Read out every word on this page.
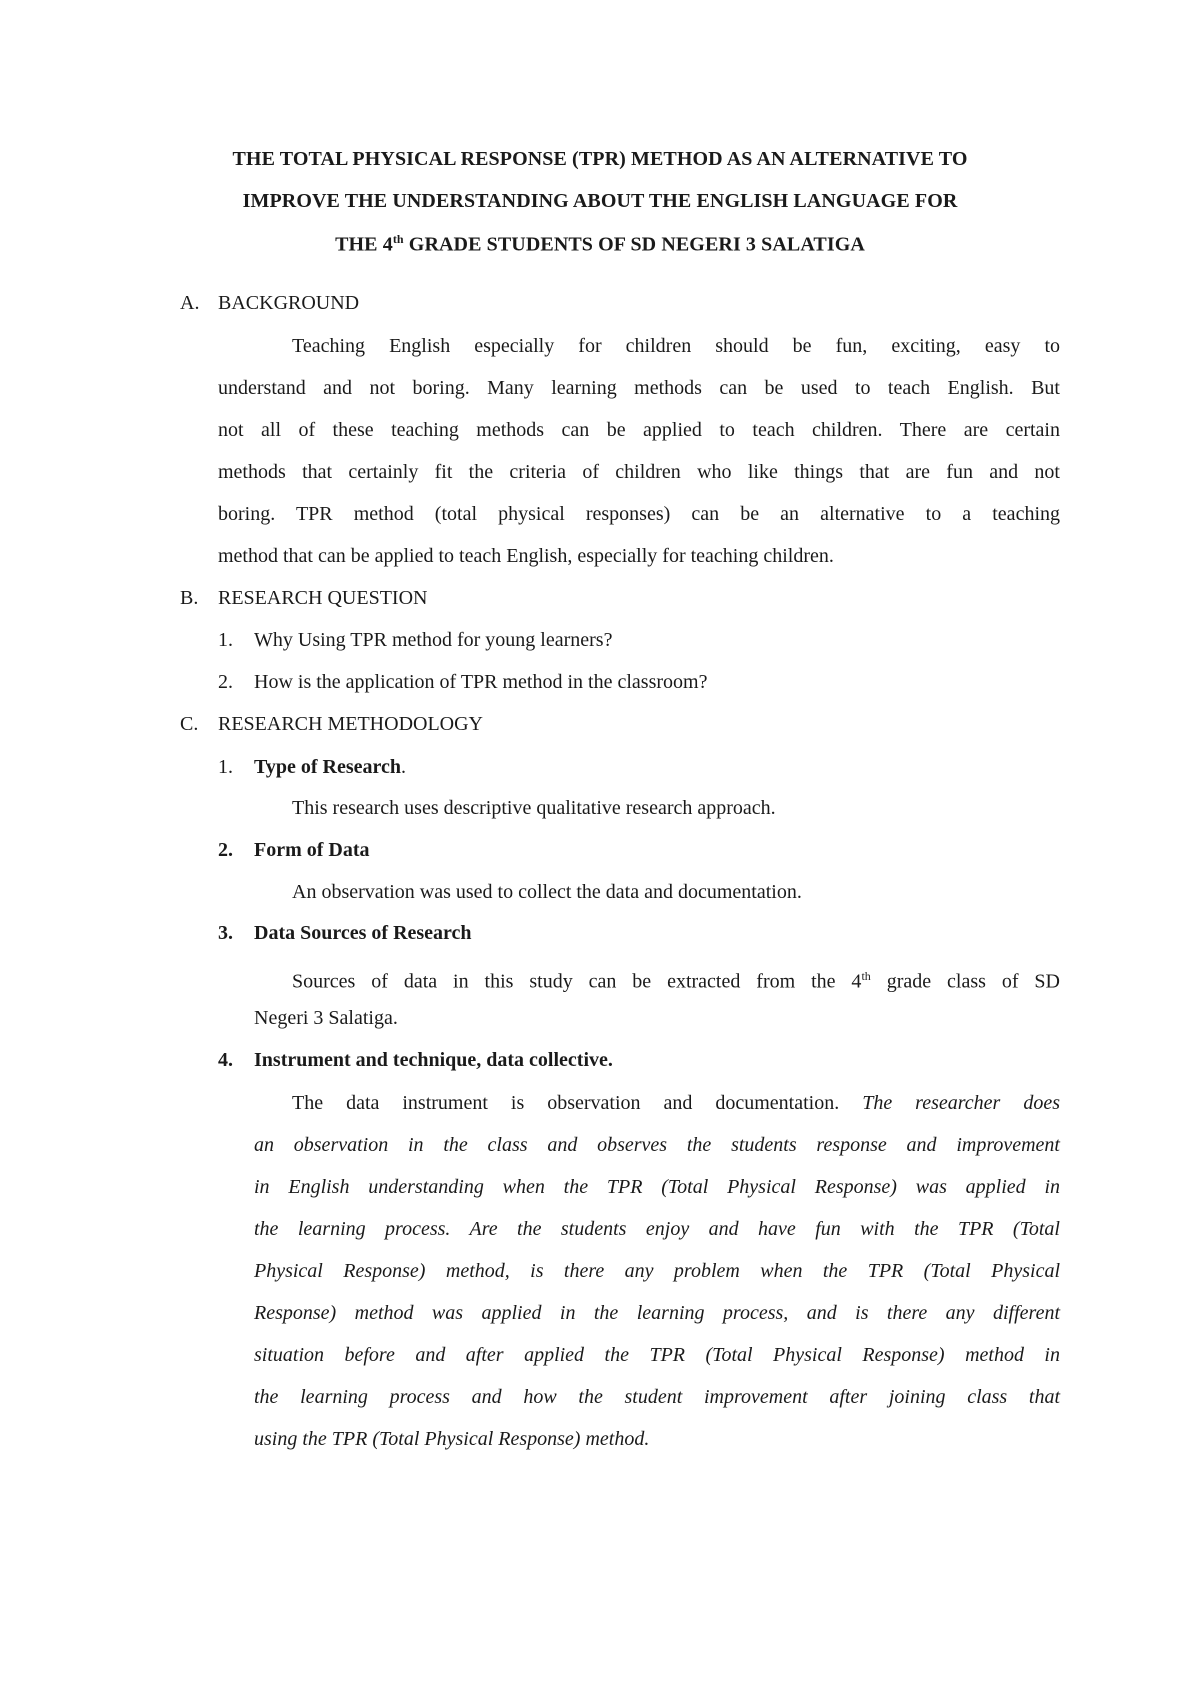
THE TOTAL PHYSICAL RESPONSE (TPR) METHOD AS AN ALTERNATIVE TO
IMPROVE THE UNDERSTANDING ABOUT THE ENGLISH LANGUAGE FOR
THE 4th GRADE STUDENTS OF SD NEGERI 3 SALATIGA
A. BACKGROUND
Teaching English especially for children should be fun, exciting, easy to
understand and not boring. Many learning methods can be used to teach English. But
not all of these teaching methods can be applied to teach children. There are certain
methods that certainly fit the criteria of children who like things that are fun and not
boring. TPR method (total physical responses) can be an alternative to a teaching
method that can be applied to teach English, especially for teaching children.
B. RESEARCH QUESTION
1. Why Using TPR method for young learners?
2. How is the application of TPR method in the classroom?
C. RESEARCH METHODOLOGY
1. Type of Research.
This research uses descriptive qualitative research approach.
2. Form of Data
An observation was used to collect the data and documentation.
3. Data Sources of Research
Sources of data in this study can be extracted from the 4th grade class of SD
Negeri 3 Salatiga.
4. Instrument and technique, data collective.
The data instrument is observation and documentation. The researcher does
an observation in the class and observes the students response and improvement
in English understanding when the TPR (Total Physical Response) was applied in
the learning process. Are the students enjoy and have fun with the TPR (Total
Physical Response) method, is there any problem when the TPR (Total Physical
Response) method was applied in the learning process, and is there any different
situation before and after applied the TPR (Total Physical Response) method in
the learning process and how the student improvement after joining class that
using the TPR (Total Physical Response) method.
